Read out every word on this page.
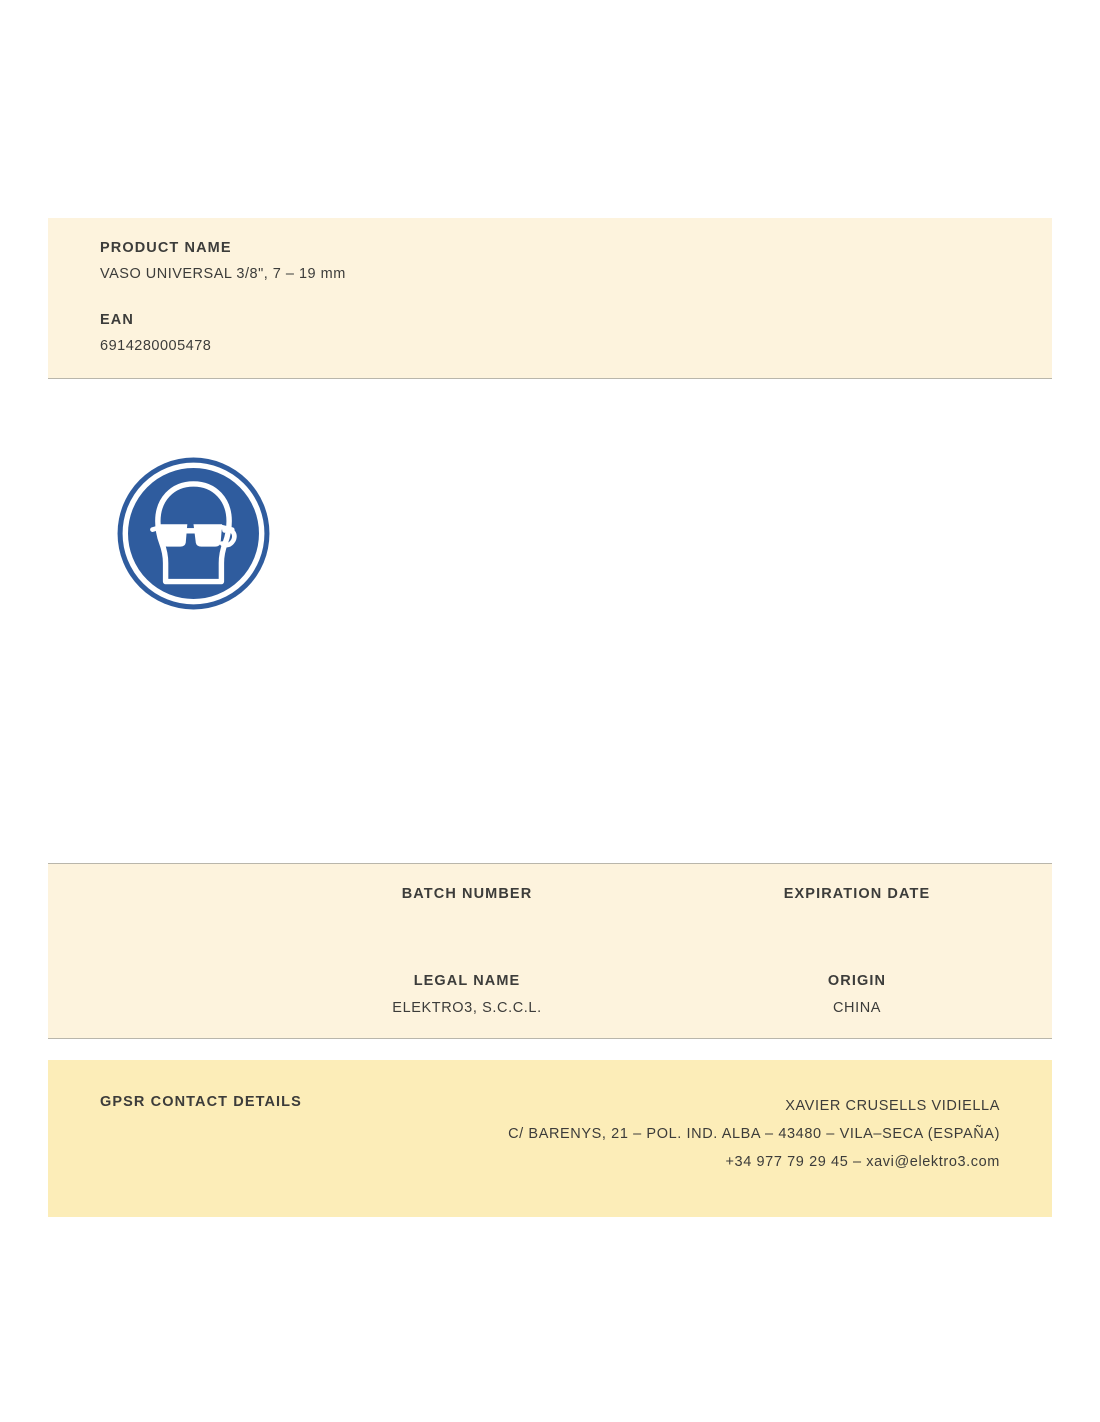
PRODUCT NAME

VASO UNIVERSAL 3/8", 7 – 19 mm

EAN

6914280005478

BATCH NUMBER	EXPIRATION DATE

LEGAL NAME

ELEKTRO3, S.C.C.L.

ORIGIN

CHINA

GPSR CONTACT DETAILS	XAVIER CRUSELLS VIDIELLA
C/ BARENYS, 21 – POL. IND. ALBA – 43480 – VILA–SECA (ESPAÑA)
+34 977 79 29 45 – xavi@elektro3.com
